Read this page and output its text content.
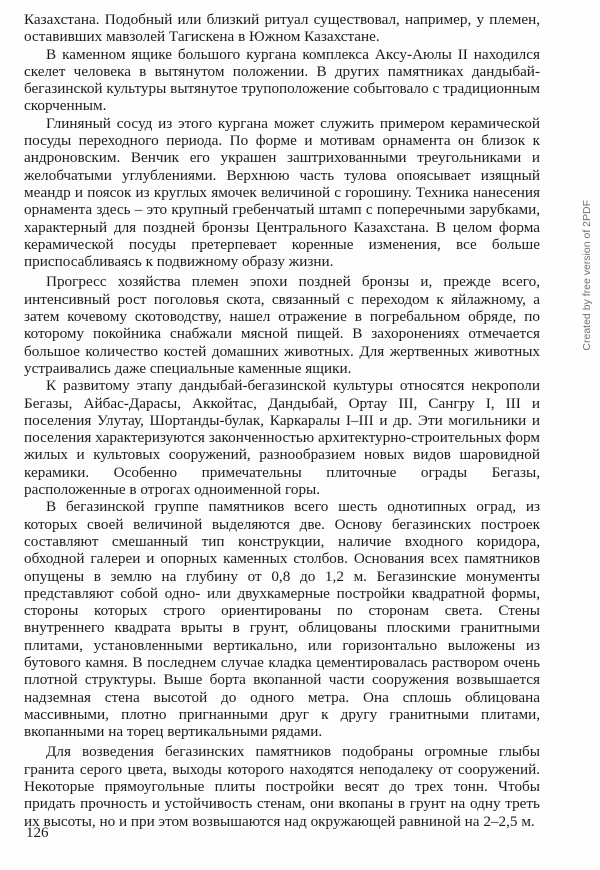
Казахстана. Подобный или близкий ритуал существовал, например, у племен, оставивших мавзолей Тагискена в Южном Казахстане.

В каменном ящике большого кургана комплекса Аксу-Аюлы II находился скелет человека в вытянутом положении. В других памятниках дандыбай-бегазинской культуры вытянутое трупоположение событовало с традиционным скорченным.

Глиняный сосуд из этого кургана может служить примером керамической посуды переходного периода. По форме и мотивам орнамента он близок к андроновским. Венчик его украшен заштрихованными треугольниками и желобчатыми углублениями. Верхнюю часть тулова опоясывает изящный меандр и поясок из круглых ямочек величиной с горошину. Техника нанесения орнамента здесь – это крупный гребенчатый штамп с поперечными зарубками, характерный для поздней бронзы Центрального Казахстана. В целом форма керамической посуды претерпевает коренные изменения, все больше приспосабливаясь к подвижному образу жизни.

Прогресс хозяйства племен эпохи поздней бронзы и, прежде всего, интенсивный рост поголовья скота, связанный с переходом к яйлажному, а затем кочевому скотоводству, нашел отражение в погребальном обряде, по которому покойника снабжали мясной пищей. В захоронениях отмечается большое количество костей домашних животных. Для жертвенных животных устраивались даже специальные каменные ящики.

К развитому этапу дандыбай-бегазинской культуры относятся некрополи Бегазы, Айбас-Дарасы, Аккойтас, Дандыбай, Ортау III, Сангру I, III и поселения Улутау, Шортанды-булак, Каркаралы I–III и др. Эти могильники и поселения характеризуются законченностью архитектурно-строительных форм жилых и культовых сооружений, разнообразием новых видов шаровидной керамики. Особенно примечательны плиточные ограды Бегазы, расположенные в отрогах одноименной горы.

В бегазинской группе памятников всего шесть однотипных оград, из которых своей величиной выделяются две. Основу бегазинских построек составляют смешанный тип конструкции, наличие входного коридора, обходной галереи и опорных каменных столбов. Основания всех памятников опущены в землю на глубину от 0,8 до 1,2 м. Бегазинские монументы представляют собой одно- или двухкамерные постройки квадратной формы, стороны которых строго ориентированы по сторонам света. Стены внутреннего квадрата врыты в грунт, облицованы плоскими гранитными плитами, установленными вертикально, или горизонтально выложены из бутового камня. В последнем случае кладка цементировалась раствором очень плотной структуры. Выше борта вкопанной части сооружения возвышается надземная стена высотой до одного метра. Она сплошь облицована массивными, плотно пригнанными друг к другу гранитными плитами, вкопанными на торец вертикальными рядами.

Для возведения бегазинских памятников подобраны огромные глыбы гранита серого цвета, выходы которого находятся неподалеку от сооружений. Некоторые прямоугольные плиты постройки весят до трех тонн. Чтобы придать прочность и устойчивость стенам, они вкопаны в грунт на одну треть их высоты, но и при этом возвышаются над окружающей равниной на 2–2,5 м.

126
Created by free version of 2PDF
